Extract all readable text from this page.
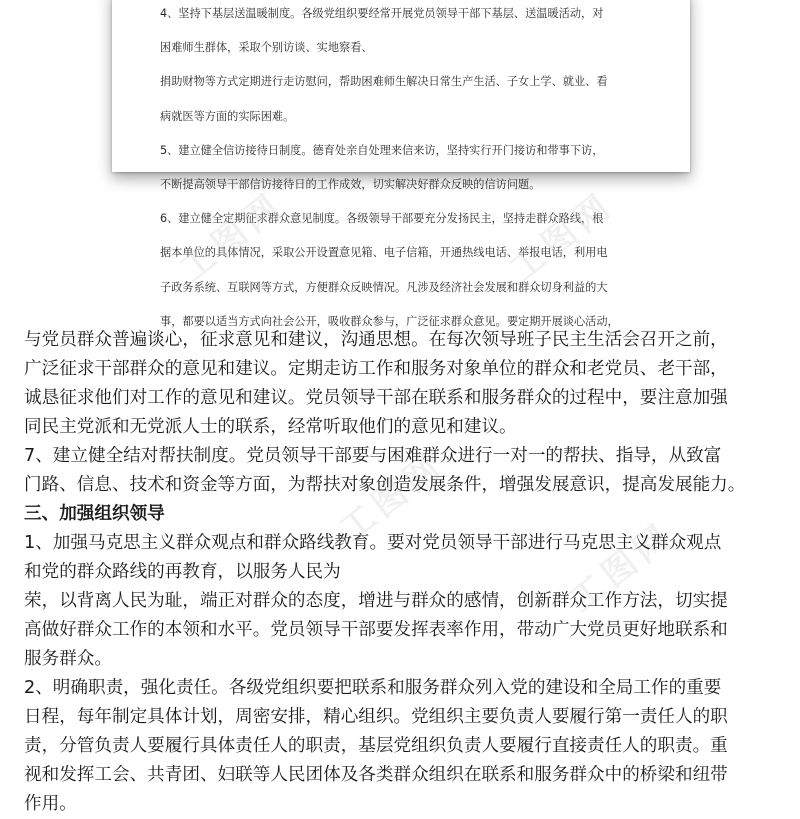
4、坚持下基层送温暖制度。各级党组织要经常开展党员领导干部下基层、送温暖活动，对

困难师生群体，采取个别访谈、实地察看、

捐助财物等方式定期进行走访慰问，帮助困难师生解决日常生产生活、子女上学、就业、看

病就医等方面的实际困难。

5、建立健全信访接待日制度。德育处亲自处理来信来访，坚持实行开门接访和带事下访，

不断提高领导干部信访接待日的工作成效，切实解决好群众反映的信访问题。

6、建立健全定期征求群众意见制度。各级领导干部要充分发扬民主，坚持走群众路线，根

据本单位的具体情况，采取公开设置意见箱、电子信箱，开通热线电话、举报电话，利用电

子政务系统、互联网等方式，方便群众反映情况。凡涉及经济社会发展和群众切身利益的大

事，都要以适当方式向社会公开，吸收群众参与，广泛征求群众意见。要定期开展谈心活动，

工图网	工图网
工图网
工图网

与党员群众普遍谈心，征求意见和建议，沟通思想。在每次领导班子民主生活会召开之前，

广泛征求干部群众的意见和建议。定期走访工作和服务对象单位的群众和老党员、老干部，

诚恳征求他们对工作的意见和建议。党员领导干部在联系和服务群众的过程中，要注意加强

同民主党派和无党派人士的联系，经常听取他们的意见和建议。

7、建立健全结对帮扶制度。党员领导干部要与困难群众进行一对一的帮扶、指导，从致富

门路、信息、技术和资金等方面，为帮扶对象创造发展条件，增强发展意识，提高发展能力。

三、加强组织领导

1、加强马克思主义群众观点和群众路线教育。要对党员领导干部进行马克思主义群众观点

和党的群众路线的再教育，以服务人民为

荣，以背离人民为耻，端正对群众的态度，增进与群众的感情，创新群众工作方法，切实提

高做好群众工作的本领和水平。党员领导干部要发挥表率作用，带动广大党员更好地联系和

服务群众。

2、明确职责，强化责任。各级党组织要把联系和服务群众列入党的建设和全局工作的重要

日程，每年制定具体计划，周密安排，精心组织。党组织主要负责人要履行第一责任人的职

责，分管负责人要履行具体责任人的职责，基层党组织负责人要履行直接责任人的职责。重

视和发挥工会、共青团、妇联等人民团体及各类群众组织在联系和服务群众中的桥梁和纽带

作用。
